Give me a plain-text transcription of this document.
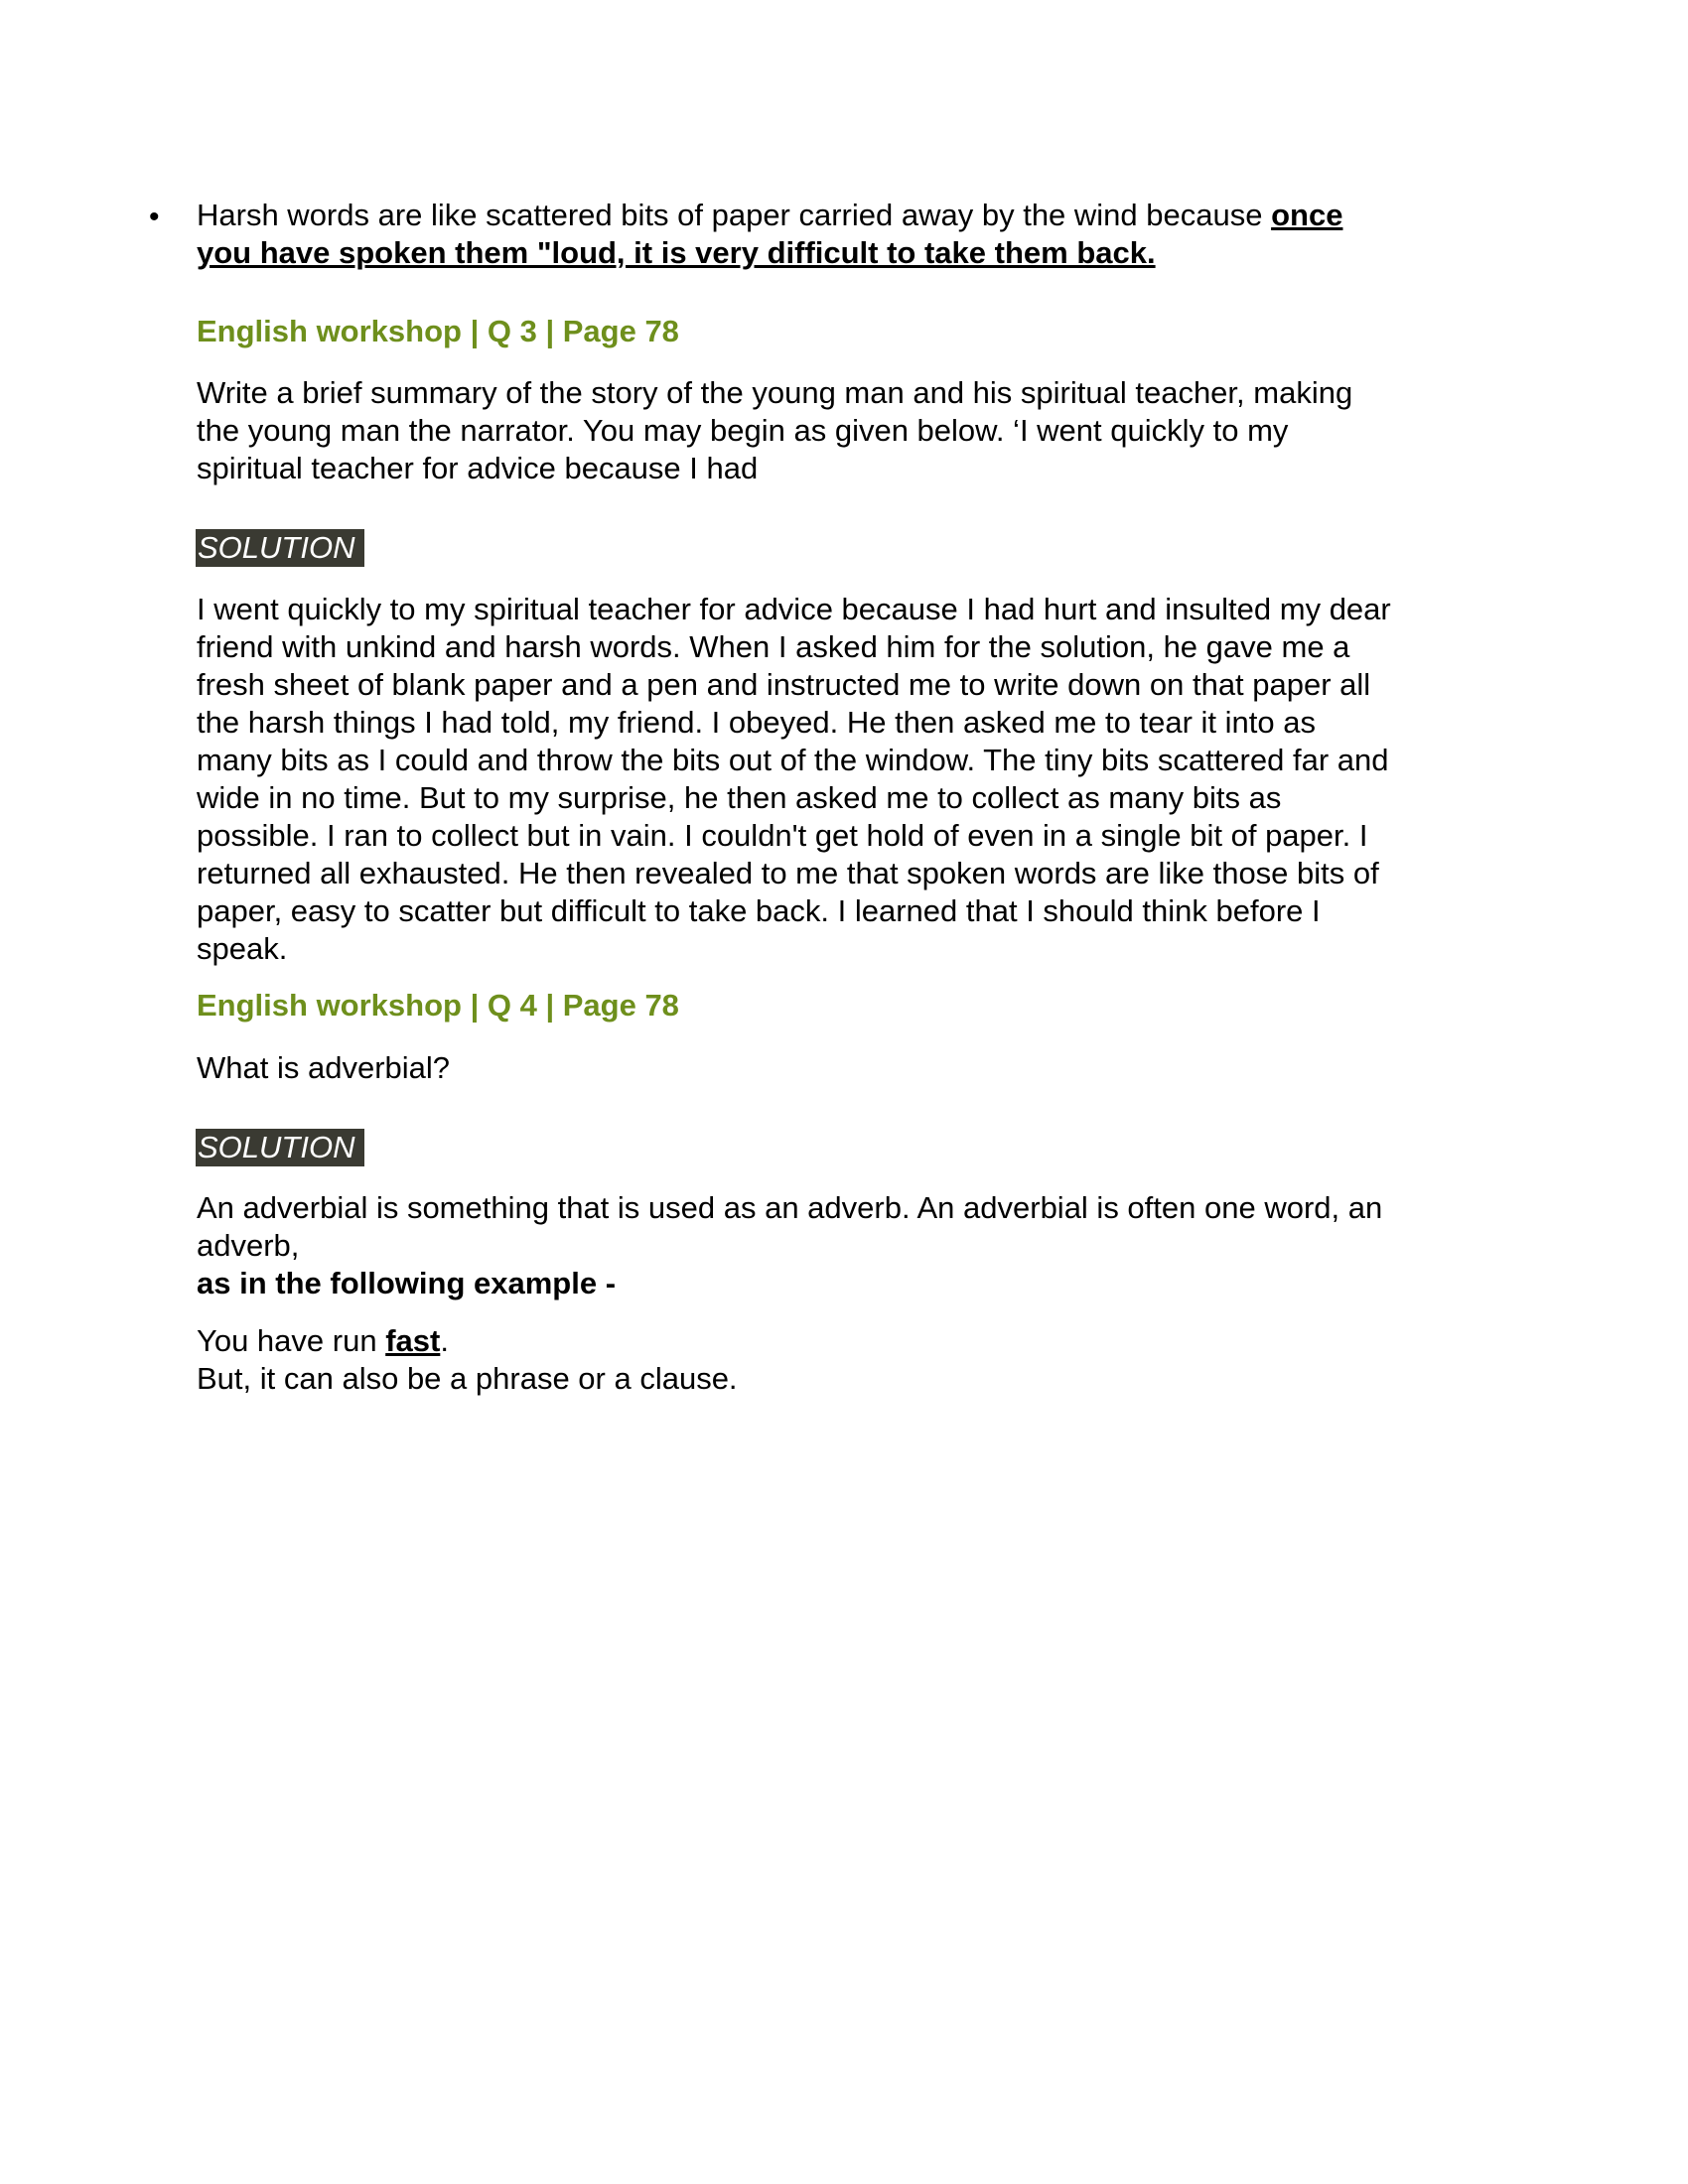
• Harsh words are like scattered bits of paper carried away by the wind because once
you have spoken them "loud, it is very difficult to take them back.
English workshop | Q 3 | Page 78
Write a brief summary of the story of the young man and his spiritual teacher, making
the young man the narrator. You may begin as given below. ‘I went quickly to my
spiritual teacher for advice because I had
SOLUTION
I went quickly to my spiritual teacher for advice because I had hurt and insulted my dear
friend with unkind and harsh words. When I asked him for the solution, he gave me a
fresh sheet of blank paper and a pen and instructed me to write down on that paper all
the harsh things I had told, my friend. I obeyed. He then asked me to tear it into as
many bits as I could and throw the bits out of the window. The tiny bits scattered far and
wide in no time. But to my surprise, he then asked me to collect as many bits as
possible. I ran to collect but in vain. I couldn't get hold of even in a single bit of paper. I
returned all exhausted. He then revealed to me that spoken words are like those bits of
paper, easy to scatter but difficult to take back. I learned that I should think before I
speak.
English workshop | Q 4 | Page 78
What is adverbial?
SOLUTION
An adverbial is something that is used as an adverb. An adverbial is often one word, an
adverb,
as in the following example -
You have run fast.
But, it can also be a phrase or a clause.
